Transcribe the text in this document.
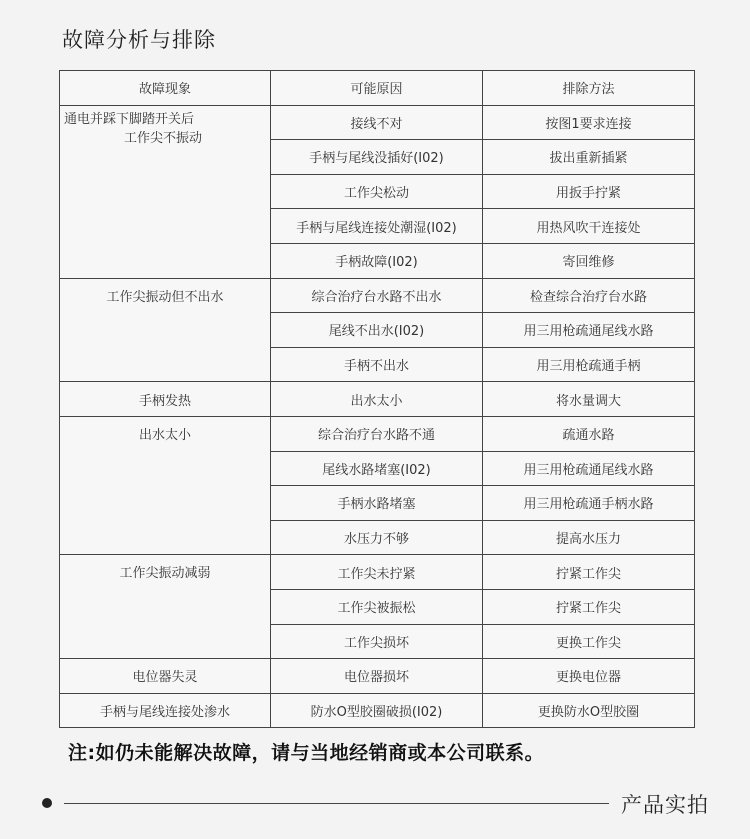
故障分析与排除
故障现象	可能原因	排除方法

通电并踩下脚踏开关后
工作尖不振动	接线不对	按图1要求连接
	手柄与尾线没插好(I02)	拔出重新插紧
	工作尖松动	用扳手拧紧
	手柄与尾线连接处潮湿(I02)	用热风吹干连接处
	手柄故障(I02)	寄回维修
工作尖振动但不出水	综合治疗台水路不出水	检查综合治疗台水路
	尾线不出水(I02)	用三用枪疏通尾线水路
	手柄不出水	用三用枪疏通手柄
手柄发热	出水太小	将水量调大
出水太小	综合治疗台水路不通	疏通水路
	尾线水路堵塞(I02)	用三用枪疏通尾线水路
	手柄水路堵塞	用三用枪疏通手柄水路
	水压力不够	提高水压力
工作尖振动减弱	工作尖未拧紧	拧紧工作尖
	工作尖被振松	拧紧工作尖
	工作尖损坏	更换工作尖
电位器失灵	电位器损坏	更换电位器
手柄与尾线连接处渗水	防水O型胶圈破损(I02)	更换防水O型胶圈
注:如仍未能解决故障，请与当地经销商或本公司联系。
产品实拍
